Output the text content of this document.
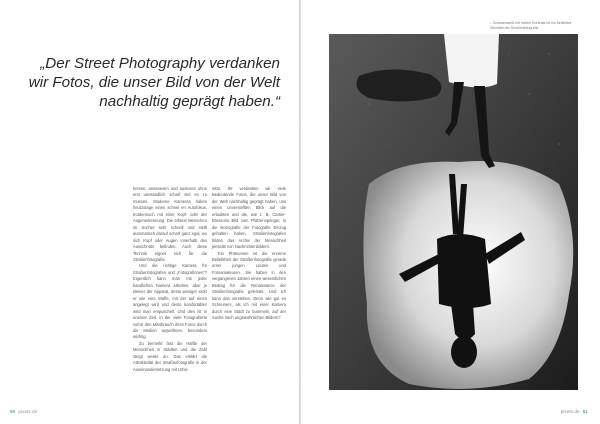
„Der Street Photography verdanken wir Fotos, die unser Bild von der Welt nachhaltig geprägt haben.“

hetzen, annavieren und ausloses ohne erst umstandlich scharf stel en zu mussen. Moderne Kameras haben heutzutage einen schnel en Autofokus, trotdennoch mit einer Kopf- oder der Augenerkennung. Die erfasst Menschen im Sucher sehr schnell und stellt automatisch darauf scharf ganz egal, wo sich Kopf oder Augen innerhalb des Ausschnitts befinden. Auch diese Technik eignet sich für die Straßenfotografie.

Und die richtige Kamera für Straßenfotografen und „Fotografinnen“? Eigentlich kann man mit jeder handlichen Kamera arbeiten, aber je kleiner der Apparat, desto weniger wirkt er wie eine Waffe, mit der auf einen angelegt wird und desto komfortabler wird man empuschelt. Und dies ist in unserer Zeit, in der viele Fotografierte sofort den Missbrauch ihres Fotos durch die Medien argwöhnen, besonders wichtig.

Zu bemerkt fast die Hälfte der Menschheit in Städten und die Zahl steigt weiter an. Das erklärt die Attraktivität der Straßenfotografie in der Auseinandersetzung mit Urba-

nität. Ihr verdanken wir viele Bedeutende Fotos, die unser Bild von der Welt nachhaltig geprägt haben, uns einen unverstellten Blick auf die erlaubten und die, wie z. B. Cartier-Bressons Bild vom Pfützenspringer, in die Ikonografie der Fotografie Einzug gehalten haben. Straßenfotografen bilden das Archiv der Menschheit jenseits von Nachrichtenbildern.

Ein Phänomen ist die enorme Beliebtheit der Straßenfotografie gerade unter jungen Leuten und Fotoamateuren. Sie haben in den vergangenen Jahren einen wesentlichen Beitrag für die Renaissance der Straßenfotografie geleistet. Und ich kann das verstehen. Denn wie gut es Schreiners, als ich mit einer Kamera durch eine Stadt zu bummeln, auf der Suche nach ungewöhnlichen Bildern?

50 pixelx.de

↓ Schwarzweiß mit harten Kontrast ist ein beliebtes Stilmittel der Straßenfotografie.

pixelx.de 51
